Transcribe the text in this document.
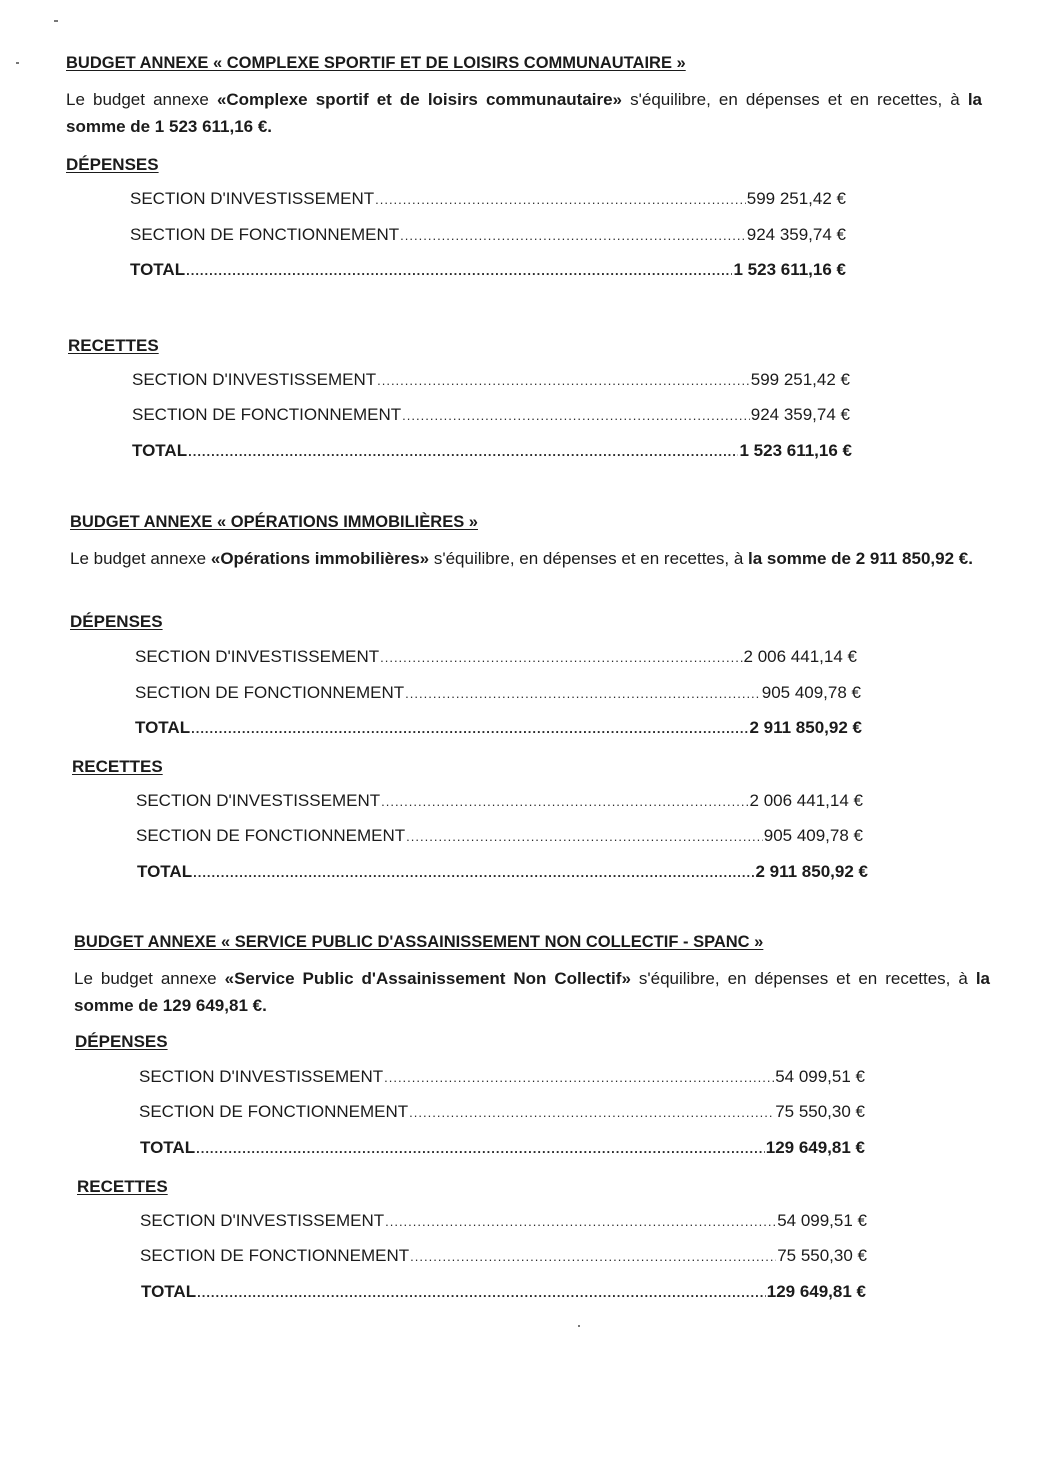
BUDGET ANNEXE « COMPLEXE SPORTIF ET DE LOISIRS COMMUNAUTAIRE »
Le budget annexe «Complexe sportif et de loisirs communautaire» s'équilibre, en dépenses et en recettes, à la somme de 1 523 611,16 €.
DÉPENSES
SECTION D'INVESTISSEMENT .....	599 251,42 €
SECTION DE FONCTIONNEMENT .....	924 359,74 €
TOTAL .....	1 523 611,16 €
RECETTES
SECTION D'INVESTISSEMENT .....	599 251,42 €
SECTION DE FONCTIONNEMENT .....	924 359,74 €
TOTAL .....	1 523 611,16 €
BUDGET ANNEXE « OPÉRATIONS IMMOBILIÈRES »
Le budget annexe «Opérations immobilières» s'équilibre, en dépenses et en recettes, à la somme de 2 911 850,92 €.
DÉPENSES
SECTION D'INVESTISSEMENT .....	2 006 441,14 €
SECTION DE FONCTIONNEMENT .....	905 409,78 €
TOTAL .....	2 911 850,92 €
RECETTES
SECTION D'INVESTISSEMENT .....	2 006 441,14 €
SECTION DE FONCTIONNEMENT .....	905 409,78 €
TOTAL .....	2 911 850,92 €
BUDGET ANNEXE « SERVICE PUBLIC D'ASSAINISSEMENT NON COLLECTIF - SPANC »
Le budget annexe «Service Public d'Assainissement Non Collectif» s'équilibre, en dépenses et en recettes, à la somme de 129 649,81 €.
DÉPENSES
SECTION D'INVESTISSEMENT .....	54 099,51 €
SECTION DE FONCTIONNEMENT .....	75 550,30 €
TOTAL .....	129 649,81 €
RECETTES
SECTION D'INVESTISSEMENT .....	54 099,51 €
SECTION DE FONCTIONNEMENT .....	75 550,30 €
TOTAL .....	129 649,81 €
